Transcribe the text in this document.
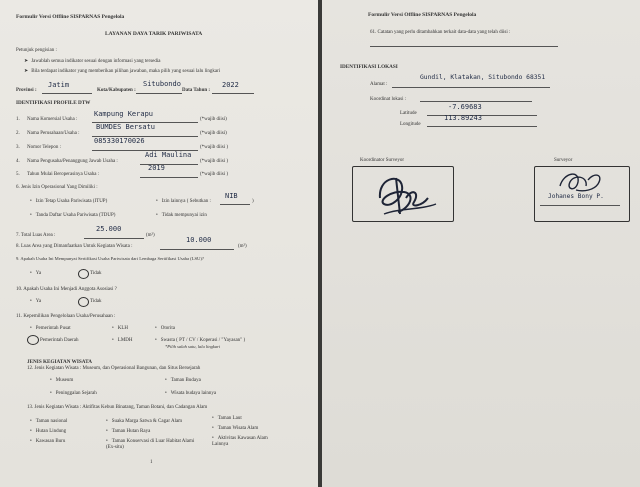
Formulir Versi Offline SISPARNAS Pengelola
LAYANAN DAYA TARIK PARIWISATA
Petunjuk pengisian :
➤ Jawablah semua indikator sesuai dengan informasi yang tersedia
➤ Bila terdapat indikator yang memberikan pilihan jawaban, maka pilih yang sesuai lalu lingkari
Provinsi :
Jatim
Kota/Kabupaten :
Situbondo
Data Tahun :
2022
IDENTIFIKASI PROFILE DTW
1. Nama Komersial Usaha :
Kampung Kerapu
(*wajib diisi)
2. Nama Perusahaan/Usaha :
BUMDES Bersatu
(*wajib diisi)
3. Nomor Telepon :
085330170026
(*wajib diisi )
4. Nama Pengusaha/Penanggung Jawab Usaha :
Adi Maulina
(*wajib diisi )
5. Tahun Mulai Beroperasinya Usaha :
2019
(*wajib diisi )
6. Jenis Izin Operasional Yang Dimiliki :
• Izin Tetap Usaha Pariwisata (ITUP)	• Izin lainnya ( Sebutkan :
NIB
)
• Tanda Daftar Usaha Pariwisata (TDUP)	• Tidak mempunyai izin
7. Total Luas Area :
25.000
(m²)
8. Luas Area yang Dimanfaatkan Untuk Kegiatan Wisata :
10.000
(m²)
9. Apakah Usaha Ini Mempunyai Sertifikasi Usaha Pariwisata dari Lembaga Sertifikasi Usaha (LSU)?
• Ya	Tidak
10. Apakah Usaha Ini Menjadi Anggota Asosiasi ?
• Ya	Tidak
11. Kepemilikan Pengelolaan Usaha/Perusahaan :
• Pemerintah Pusat	• KLH	• Otorita
Pemerintah Daerah	• LMDH	• Swasta ( PT / CV / Koperasi / "Yayasan" )
*Pilih salah satu, lalu lingkari
JENIS KEGIATAN WISATA
12. Jenis Kegiatan Wisata : Museum, dan Operasional Bangunan, dan Situs Bersejarah
• Museum	• Taman Budaya
• Peninggalan Sejarah	• Wisata budaya lainnya
13. Jenis Kegiatan Wisata : Aktifitas Kebun Binatang, Taman Botani, dan Cadangan Alam
• Taman nasional
• Hutan Lindung
• Kawasan Buru
• Suaka Marga Satwa & Cagar Alam
• Taman Hutan Raya
• Taman Konservasi di Luar Habitat Alami (Ex-situ)
• Taman Laut
• Taman Wisata Alam
• Aktivitas Kawasan Alam Lainnya
1
Formulir Versi Offline SISPARNAS Pengelola
61. Catatan yang perlu ditambahkan terkait data-data yang telah diisi :
IDENTIFIKASI LOKASI
Alamat :
Gundil, Klatakan, Situbondo 68351
Koordinat lokasi :
Latitude
-7.69683
Longitude
113.89243
Koordinator Surveyor	Surveyor
Johanes Bony P.
